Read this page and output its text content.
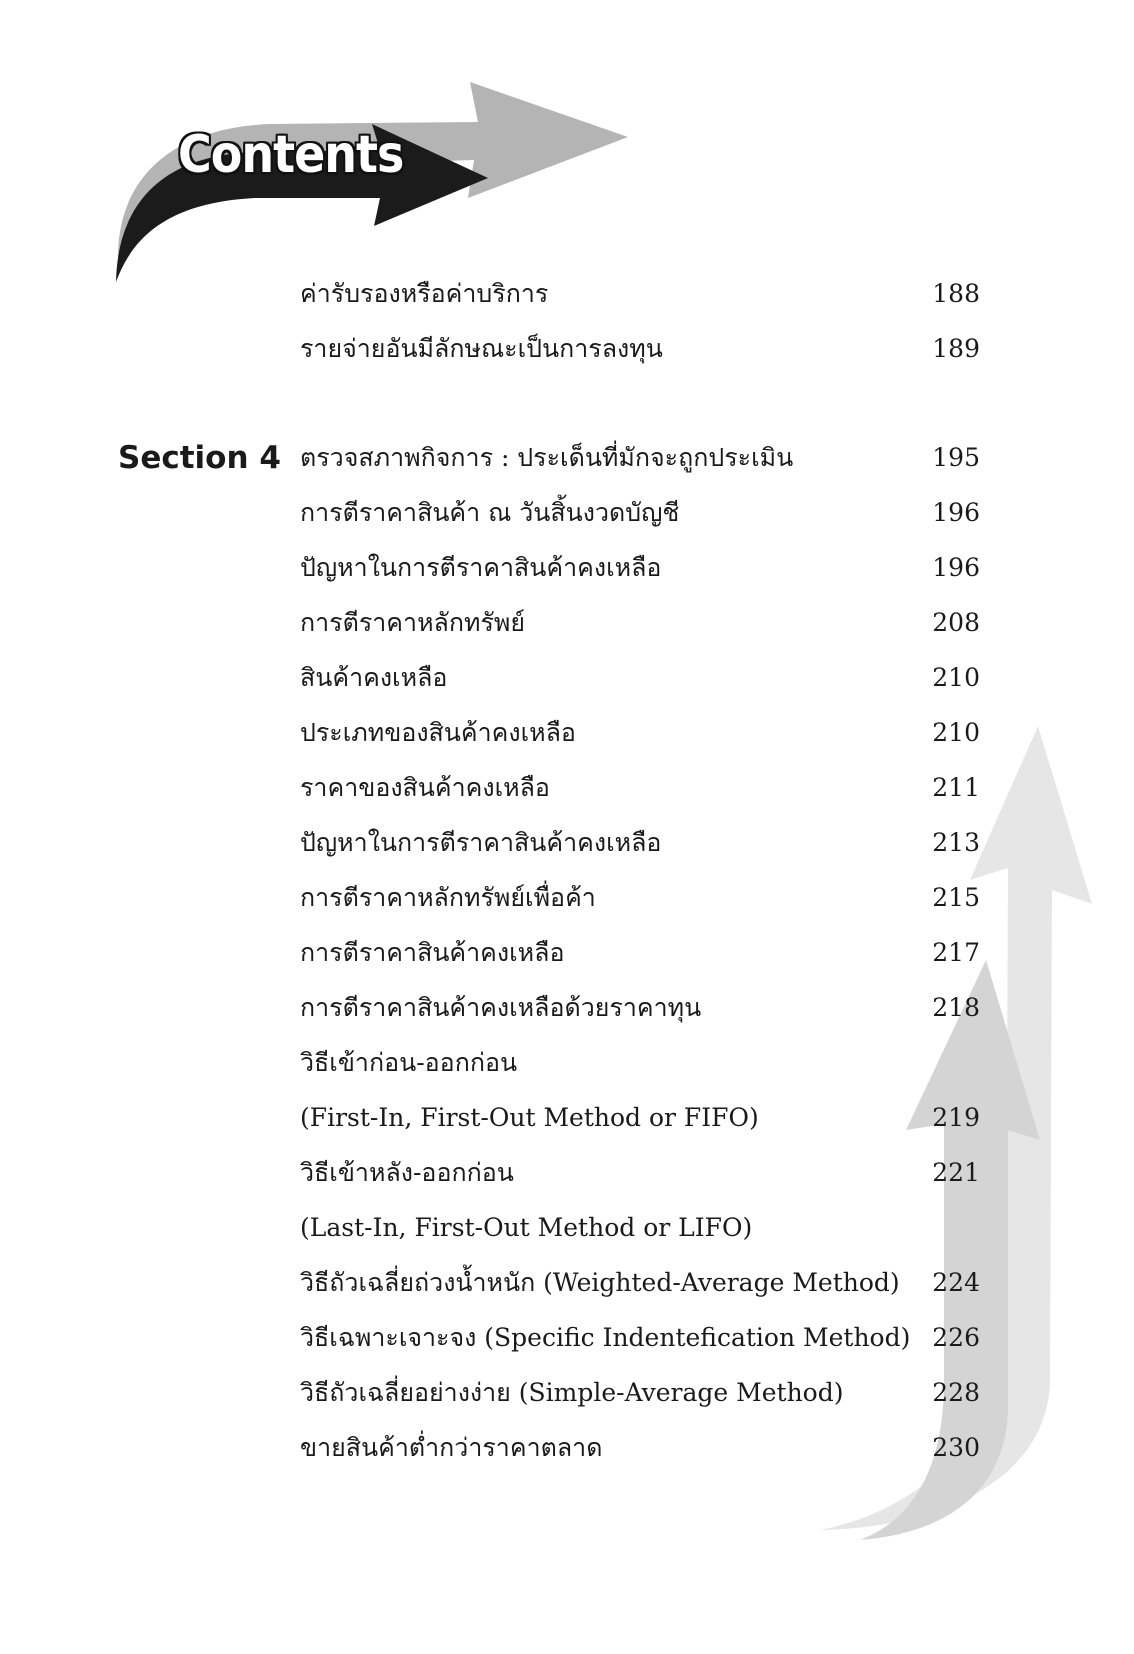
Contents
Section 4
ค่ารับรองหรือค่าบริการ	188
รายจ่ายอันมีลักษณะเป็นการลงทุน	189
ตรวจสภาพกิจการ : ประเด็นที่มักจะถูกประเมิน	195
การตีราคาสินค้า ณ วันสิ้นงวดบัญชี	196
ปัญหาในการตีราคาสินค้าคงเหลือ	196
การตีราคาหลักทรัพย์	208
สินค้าคงเหลือ	210
ประเภทของสินค้าคงเหลือ	210
ราคาของสินค้าคงเหลือ	211
ปัญหาในการตีราคาสินค้าคงเหลือ	213
การตีราคาหลักทรัพย์เพื่อค้า	215
การตีราคาสินค้าคงเหลือ	217
การตีราคาสินค้าคงเหลือด้วยราคาทุน	218
วิธีเข้าก่อน-ออกก่อน
(First-In, First-Out Method or FIFO)	219
วิธีเข้าหลัง-ออกก่อน	221
(Last-In, First-Out Method or LIFO)
วิธีถัวเฉลี่ยถ่วงน้ำหนัก (Weighted-Average Method) 224
วิธีเฉพาะเจาะจง (Specific Indentefication Method) 226
วิธีถัวเฉลี่ยอย่างง่าย (Simple-Average Method)	228
ขายสินค้าต่ำกว่าราคาตลาด	230
